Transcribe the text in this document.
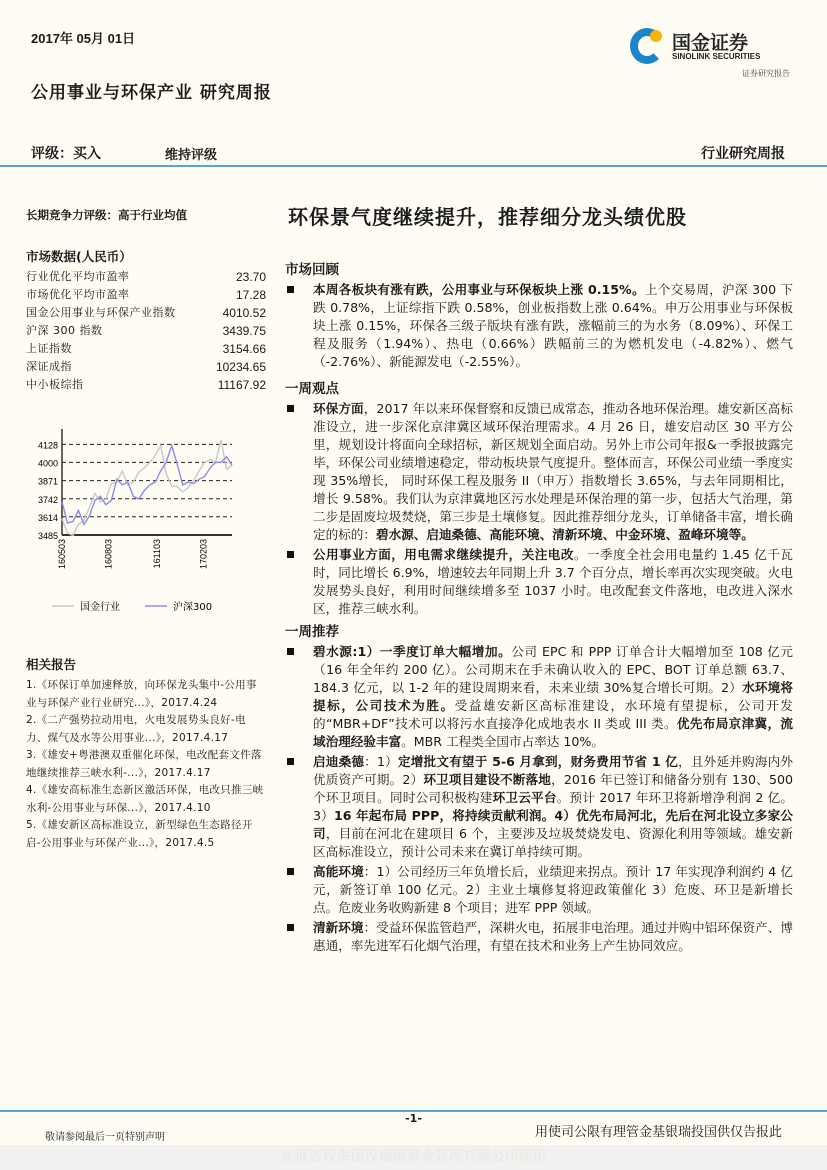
2017年 05月 01日
公用事业与环保产业 研究周报
国金证券
SINOLINK SECURITIES
证券研究报告
评级：买入	维持评级	行业研究周报
长期竞争力评级：高于行业均值	环保景气度继续提升，推荐细分龙头绩优股
市场数据(人民币）
行业优化平均市盈率	23.70
市场优化平均市盈率	17.28
国金公用事业与环保产业指数	4010.52
沪深 300 指数	3439.75
上证指数	3154.66
深证成指	10234.65
中小板综指	11167.92
3485
3614
3742
3871
4000
4128
160503	160803	161103	170203
国金行业	沪深300
相关报告
1.《环保订单加速释放，向环保龙头集中-公用事业与环保产业行业研究...》，2017.4.24
2.《二产强势拉动用电，火电发展势头良好-电力、煤气及水等公用事业...》，2017.4.17
3.《雄安+粤港澳双重催化环保，电改配套文件落地继续推荐三峡水利-...》，2017.4.17
4.《雄安高标准生态新区激活环保，电改只推三峡水利-公用事业与环保...》，2017.4.10
5.《雄安新区高标准设立，新型绿色生态路径开启-公用事业与环保产业...》，2017.4.5
市场回顾
本周各板块有涨有跌，公用事业与环保板块上涨 0.15%。上个交易周，沪深 300 下跌 0.78%，上证综指下跌 0.58%，创业板指数上涨 0.64%。申万公用事业与环保板块上涨 0.15%，环保各三级子版块有涨有跌，涨幅前三的为水务（8.09%）、环保工程及服务（1.94%）、热电（0.66%）跌幅前三的为燃机发电（-4.82%）、燃气（-2.76%）、新能源发电（-2.55%）。
一周观点
环保方面，2017 年以来环保督察和反馈已成常态，推动各地环保治理。雄安新区高标准设立，进一步深化京津冀区域环保治理需求。4 月 26 日，雄安启动区 30 平方公里，规划设计将面向全球招标，新区规划全面启动。另外上市公司年报&一季报披露完毕，环保公司业绩增速稳定，带动板块景气度提升。整体而言，环保公司业绩一季度实现 35%增长， 同时环保工程及服务 II（申万）指数增长 3.65%，与去年同期相比，增长 9.58%。我们认为京津冀地区污水处理是环保治理的第一步，包括大气治理，第二步是固废垃圾焚烧，第三步是土壤修复。因此推荐细分龙头，订单储备丰富，增长确定的标的：碧水源、启迪桑德、高能环境、清新环境、中金环境、盈峰环境等。
公用事业方面，用电需求继续提升，关注电改。一季度全社会用电量约 1.45 亿千瓦时，同比增长 6.9%，增速较去年同期上升 3.7 个百分点，增长率再次实现突破。火电发展势头良好，利用时间继续增多至 1037 小时。电改配套文件落地，电改进入深水区，推荐三峡水利。
一周推荐
碧水源:1）一季度订单大幅增加。公司 EPC 和 PPP 订单合计大幅增加至 108 亿元（16 年全年约 200 亿）。公司期末在手未确认收入的 EPC、BOT 订单总额 63.7、184.3 亿元，以 1-2 年的建设周期来看，未来业绩 30%复合增长可期。2）水环境将提标，公司技术为胜。受益雄安新区高标准建设，水环境有望提标，公司开发的“MBR+DF”技术可以将污水直接净化成地表水 II 类或 III 类。优先布局京津冀，流域治理经验丰富。MBR 工程类全国市占率达 10%。
启迪桑德：1）定增批文有望于 5-6 月拿到，财务费用节省 1 亿，且外延并购海内外优质资产可期。2）环卫项目建设不断落地，2016 年已签订和储备分别有 130、500 个环卫项目。同时公司积极构建环卫云平台。预计 2017 年环卫将新增净利润 2 亿。3）16 年起布局 PPP，将持续贡献利润。4）优先布局河北，先后在河北设立多家公司，目前在河北在建项目 6 个，主要涉及垃圾焚烧发电、资源化利用等领域。雄安新区高标准设立，预计公司未来在冀订单持续可期。
高能环境：1）公司经历三年负增长后，业绩迎来拐点。预计 17 年实现净利润约 4 亿元，新签订单 100 亿元。2）主业土壤修复将迎政策催化 3）危废、环卫是新增长点。危废业务收购新建 8 个项目；进军 PPP 领域。
清新环境：受益环保监管趋严，深耕火电，拓展非电治理。通过并购中铝环保资产、博惠通，率先进军石化烟气治理，有望在技术和业务上产生协同效应。
-1-
敬请参阅最后一页特别声明	用使司公限有理管金基银瑞投国供仅告报此
此报告仅供国投瑞银基金管理有限公司使用
